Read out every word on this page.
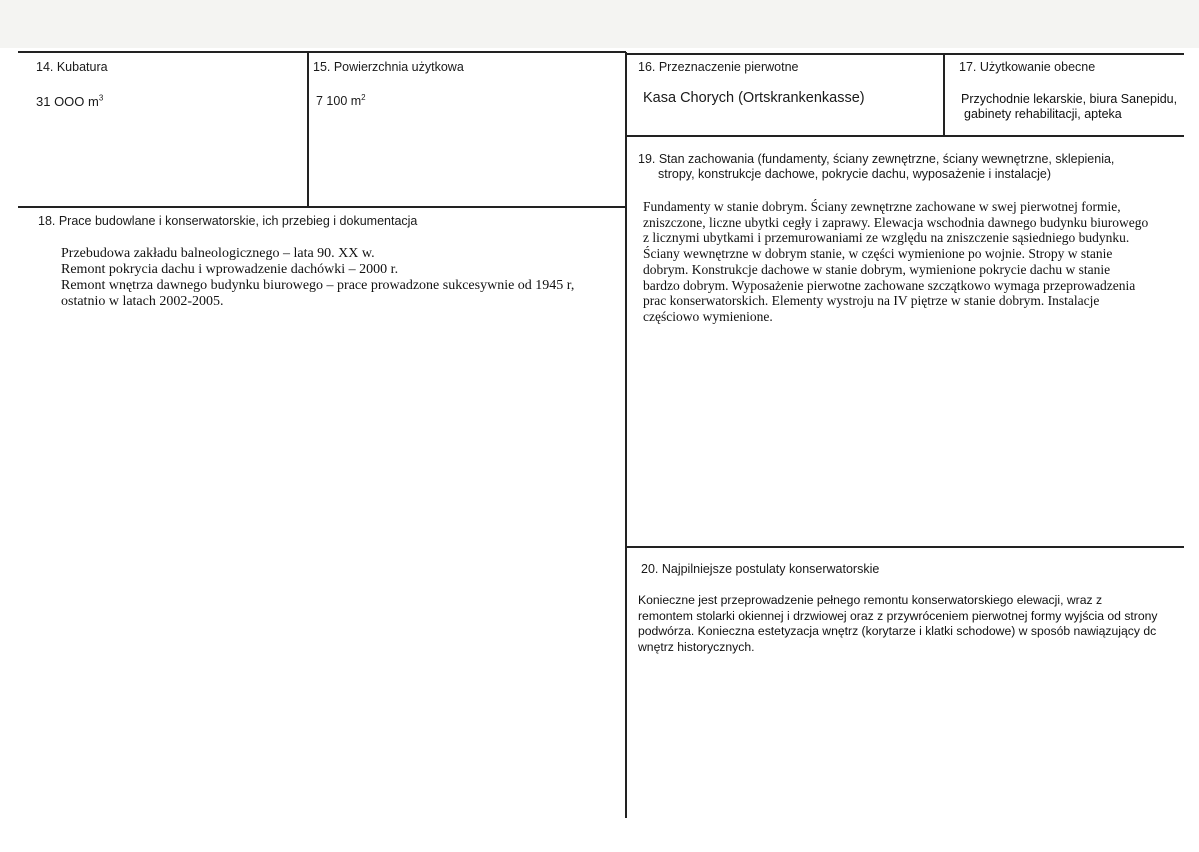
14. Kubatura
31 OOO $m^3$
15. Powierzchnia użytkowa
7 100 $m^2$
16. Przeznaczenie pierwotne
Kasa Chorych (Ortskrankenkasse)
17. Użytkowanie obecne
Przychodnie lekarskie, biura Sanepidu,
gabinety rehabilitacji, apteka
18. Prace budowlane i konserwatorskie, ich przebieg i dokumentacja
Przebudowa zakładu balneologicznego – lata 90. XX w.
Remont pokrycia dachu i wprowadzenie dachówki – 2000 r.
Remont wnętrza dawnego budynku biurowego – prace prowadzone sukcesywnie od 1945 r,
ostatnio w latach 2002-2005.
19. Stan zachowania (fundamenty, ściany zewnętrzne, ściany wewnętrzne, sklepienia,
stropy, konstrukcje dachowe, pokrycie dachu, wyposażenie i instalacje)
Fundamenty w stanie dobrym. Ściany zewnętrzne zachowane w swej pierwotnej formie,
zniszczone, liczne ubytki cegły i zaprawy. Elewacja wschodnia dawnego budynku biurowego
z licznymi ubytkami i przemurowaniami ze względu na zniszczenie sąsiedniego budynku.
Ściany wewnętrzne w dobrym stanie, w części wymienione po wojnie. Stropy w stanie
dobrym. Konstrukcje dachowe w stanie dobrym, wymienione pokrycie dachu w stanie
bardzo dobrym. Wyposażenie pierwotne zachowane szczątkowo wymaga przeprowadzenia
prac konserwatorskich. Elementy wystroju na IV piętrze w stanie dobrym. Instalacje
częściowo wymienione.
20. Najpilniejsze postulaty konserwatorskie
Konieczne jest przeprowadzenie pełnego remontu konserwatorskiego elewacji, wraz z
remontem stolarki okiennej i drzwiowej oraz z przywróceniem pierwotnej formy wyjścia od strony
podwórza. Konieczna estetyzacja wnętrz (korytarze i klatki schodowe) w sposób nawiązujący dc
wnętrz historycznych.
